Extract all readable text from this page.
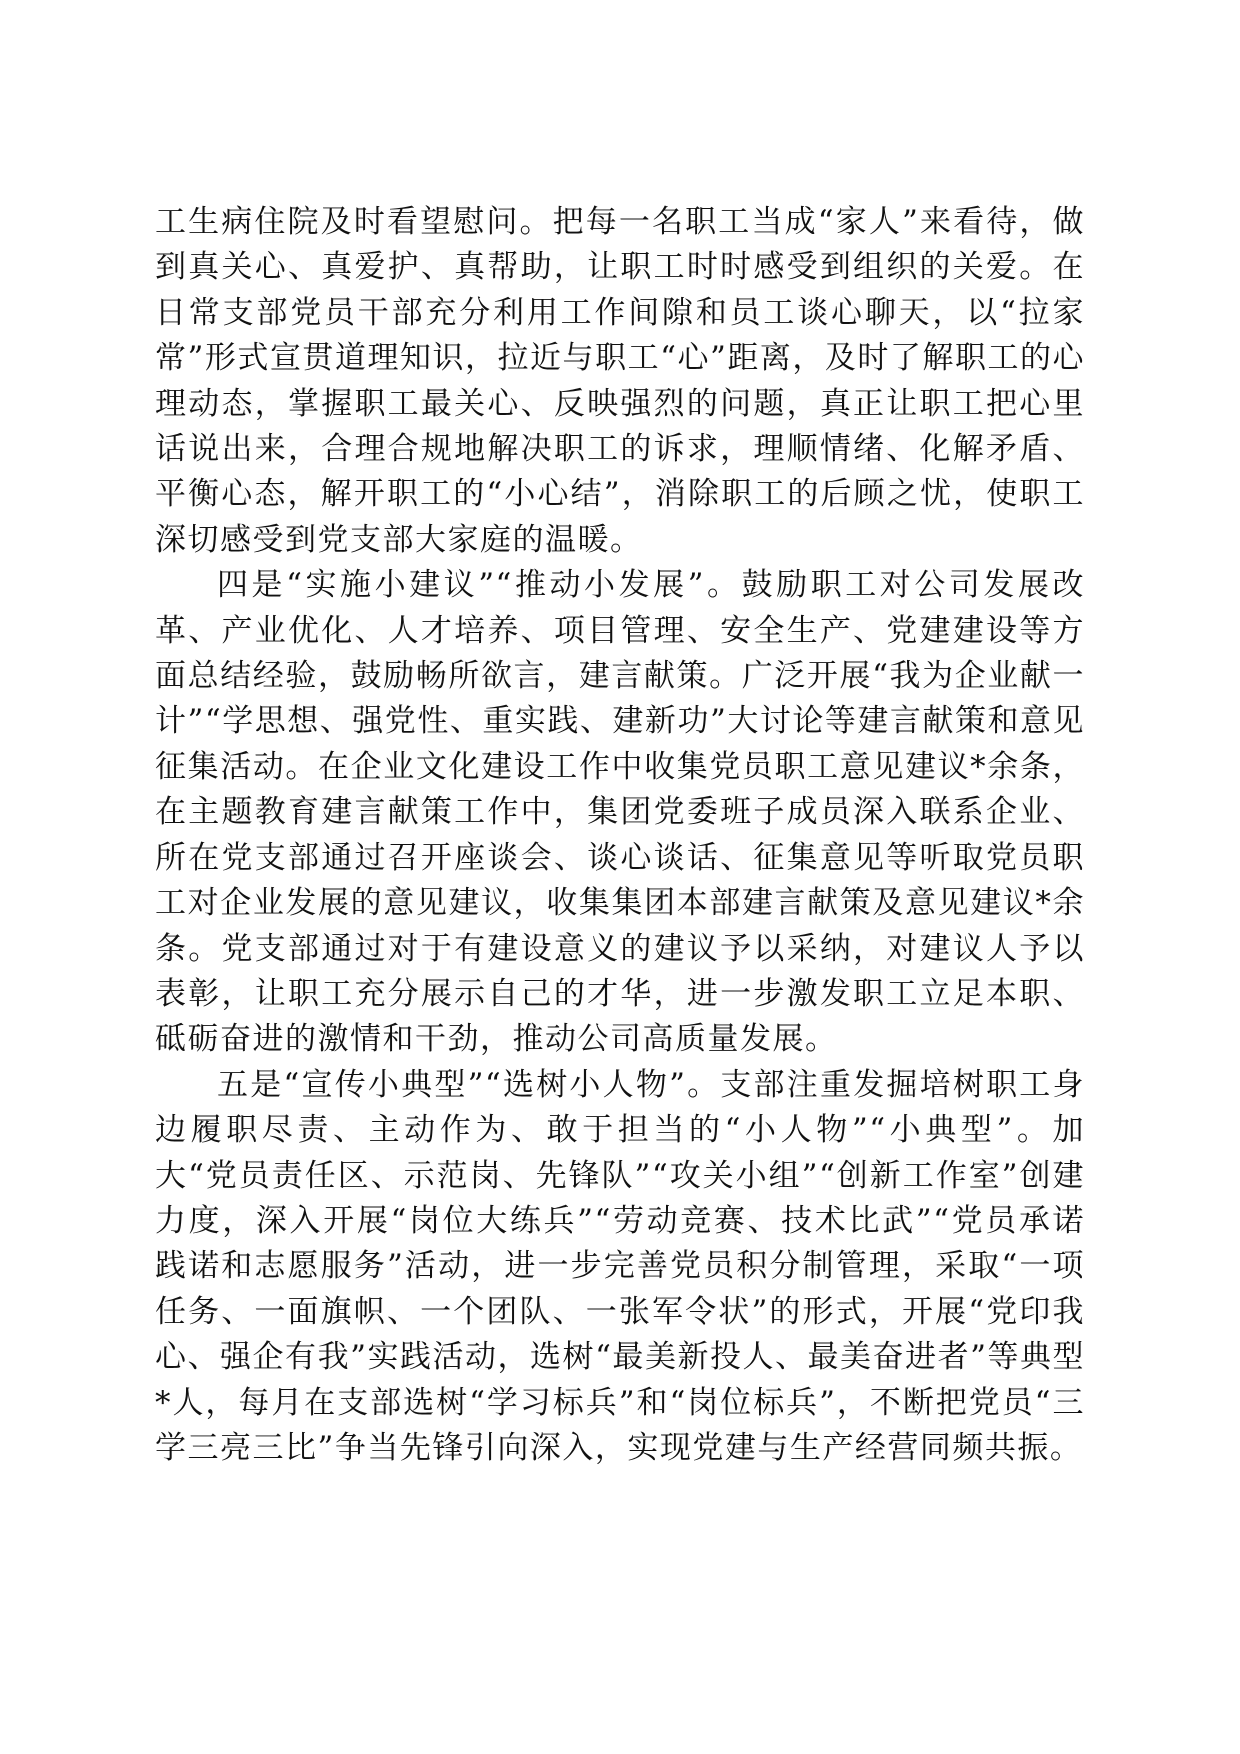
工生病住院及时看望慰问。把每一名职工当成“家人”来看待，做到真关心、真爱护、真帮助，让职工时时感受到组织的关爱。在日常支部党员干部充分利用工作间隙和员工谈心聊天，以“拉家常”形式宣贯道理知识，拉近与职工“心”距离，及时了解职工的心理动态，掌握职工最关心、反映强烈的问题，真正让职工把心里话说出来，合理合规地解决职工的诉求，理顺情绪、化解矛盾、平衡心态，解开职工的“小心结”，消除职工的后顾之忧，使职工深切感受到党支部大家庭的温暖。

四是“实施小建议”“推动小发展”。鼓励职工对公司发展改革、产业优化、人才培养、项目管理、安全生产、党建建设等方面总结经验，鼓励畅所欲言，建言献策。广泛开展“我为企业献一计”“学思想、强党性、重实践、建新功”大讨论等建言献策和意见征集活动。在企业文化建设工作中收集党员职工意见建议*余条，在主题教育建言献策工作中，集团党委班子成员深入联系企业、所在党支部通过召开座谈会、谈心谈话、征集意见等听取党员职工对企业发展的意见建议，收集集团本部建言献策及意见建议*余条。党支部通过对于有建设意义的建议予以采纳，对建议人予以表彰，让职工充分展示自己的才华，进一步激发职工立足本职、砥砺奋进的激情和干劲，推动公司高质量发展。

五是“宣传小典型”“选树小人物”。支部注重发掘培树职工身边履职尽责、主动作为、敢于担当的“小人物”“小典型”。加大“党员责任区、示范岗、先锋队”“攻关小组”“创新工作室”创建力度，深入开展“岗位大练兵”“劳动竞赛、技术比武”“党员承诺践诺和志愿服务”活动，进一步完善党员积分制管理，采取“一项任务、一面旗帜、一个团队、一张军令状”的形式，开展“党印我心、强企有我”实践活动，选树“最美新投人、最美奋进者”等典型*人，每月在支部选树“学习标兵”和“岗位标兵”，不断把党员“三学三亮三比”争当先锋引向深入，实现党建与生产经营同频共振。
